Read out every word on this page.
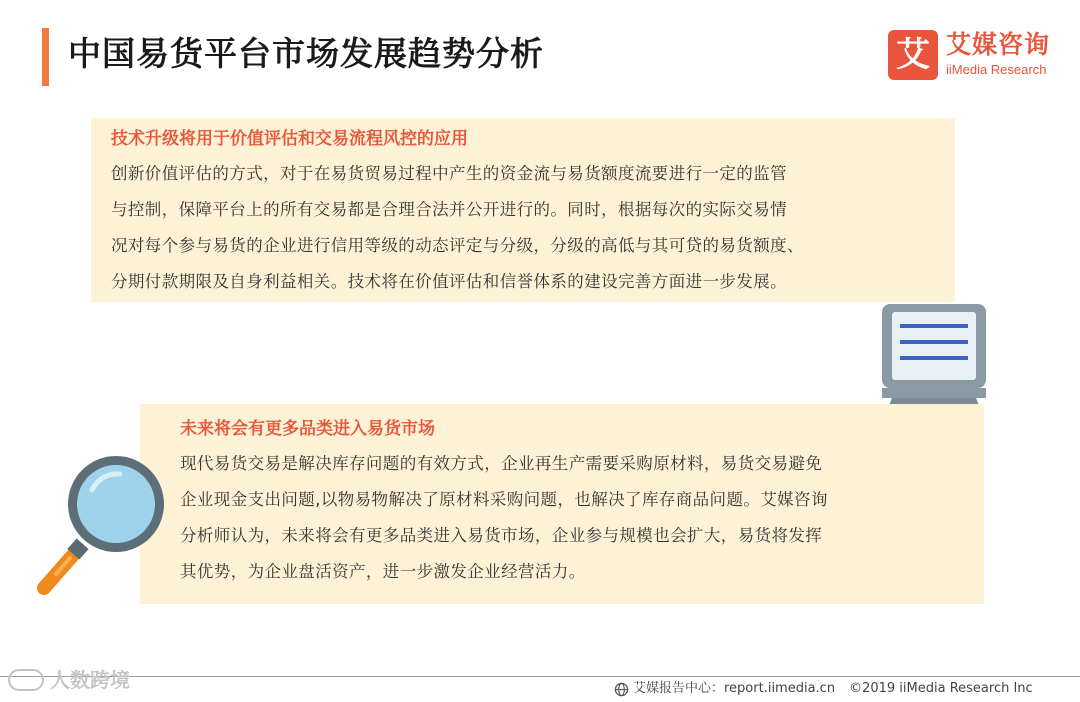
中国易货平台市场发展趋势分析	艾 艾媒咨询
iiMedia Research
技术升级将用于价值评估和交易流程风控的应用
创新价值评估的方式，对于在易货贸易过程中产生的资金流与易货额度流要进行一定的监管
与控制，保障平台上的所有交易都是合理合法并公开进行的。同时，根据每次的实际交易情
况对每个参与易货的企业进行信用等级的动态评定与分级，分级的高低与其可贷的易货额度、
分期付款期限及自身利益相关。技术将在价值评估和信誉体系的建设完善方面进一步发展。
未来将会有更多品类进入易货市场
现代易货交易是解决库存问题的有效方式，企业再生产需要采购原材料，易货交易避免
企业现金支出问题,以物易物解决了原材料采购问题，也解决了库存商品问题。艾媒咨询
分析师认为，未来将会有更多品类进入易货市场，企业参与规模也会扩大，易货将发挥
其优势，为企业盘活资产，进一步激发企业经营活力。
人数跨境	艾媒报告中心：report.iimedia.cn ©2019 iiMedia Research Inc
